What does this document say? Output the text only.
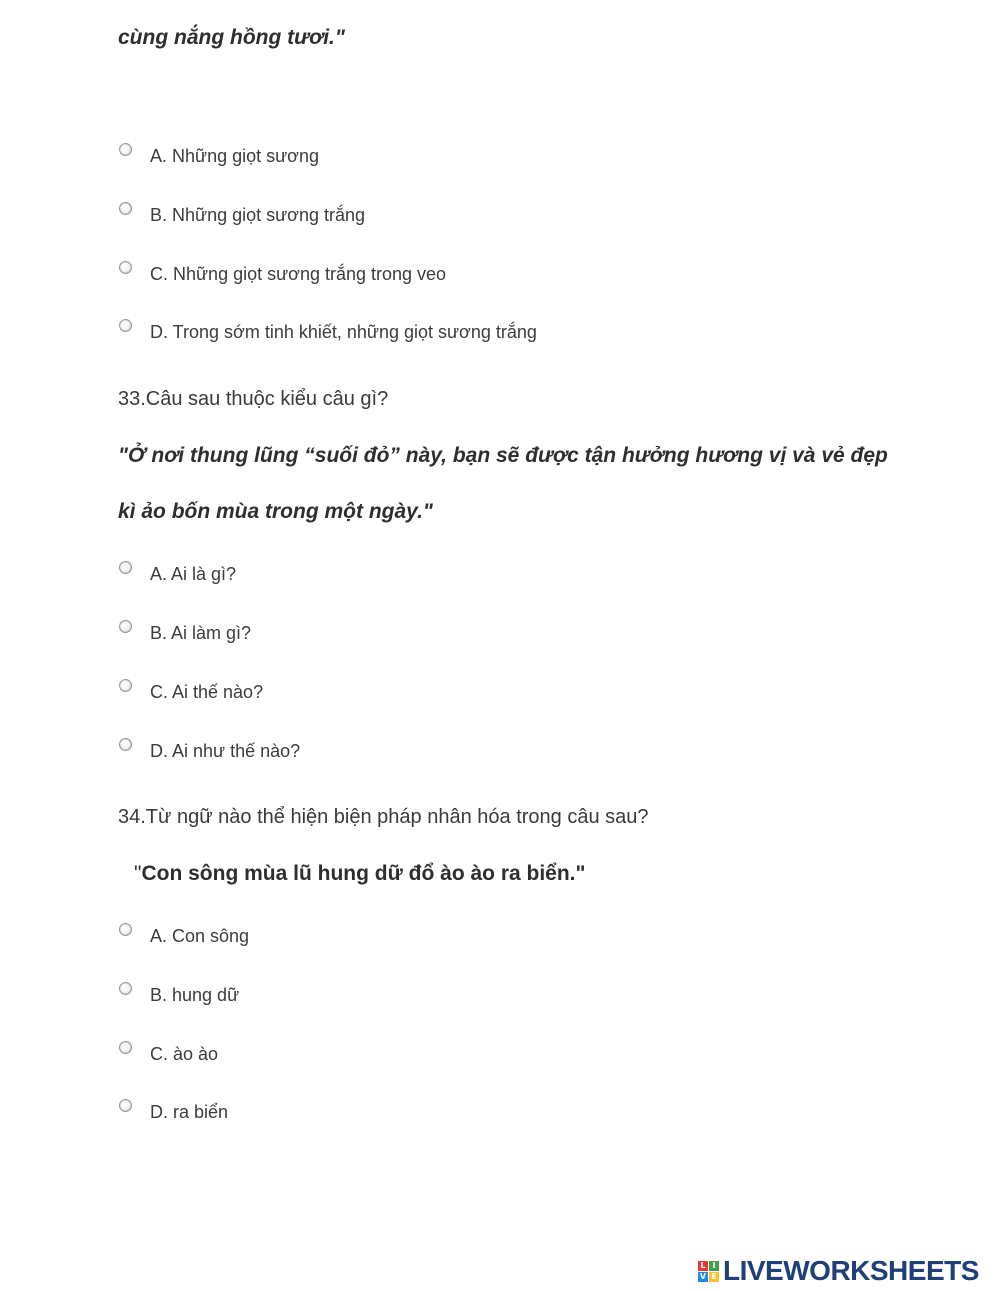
cùng nắng hồng tươi."
A. Những giọt sương
B. Những giọt sương trắng
C. Những giọt sương trắng trong veo
D. Trong sớm tinh khiết, những giọt sương trắng
33.Câu sau thuộc kiểu câu gì?
"Ở nơi thung lũng “suối đỏ” này, bạn sẽ được tận hưởng hương vị và vẻ đẹp
kì ảo bốn mùa trong một ngày."
A. Ai là gì?
B. Ai làm gì?
C. Ai thế nào?
D. Ai như thế nào?
34.Từ ngữ nào thể hiện biện pháp nhân hóa trong câu sau?
"Con sông mùa lũ hung dữ đổ ào ào ra biển."
A. Con sông
B. hung dữ
C. ào ào
D. ra biển
L I
V E LIVEWORKSHEETS
